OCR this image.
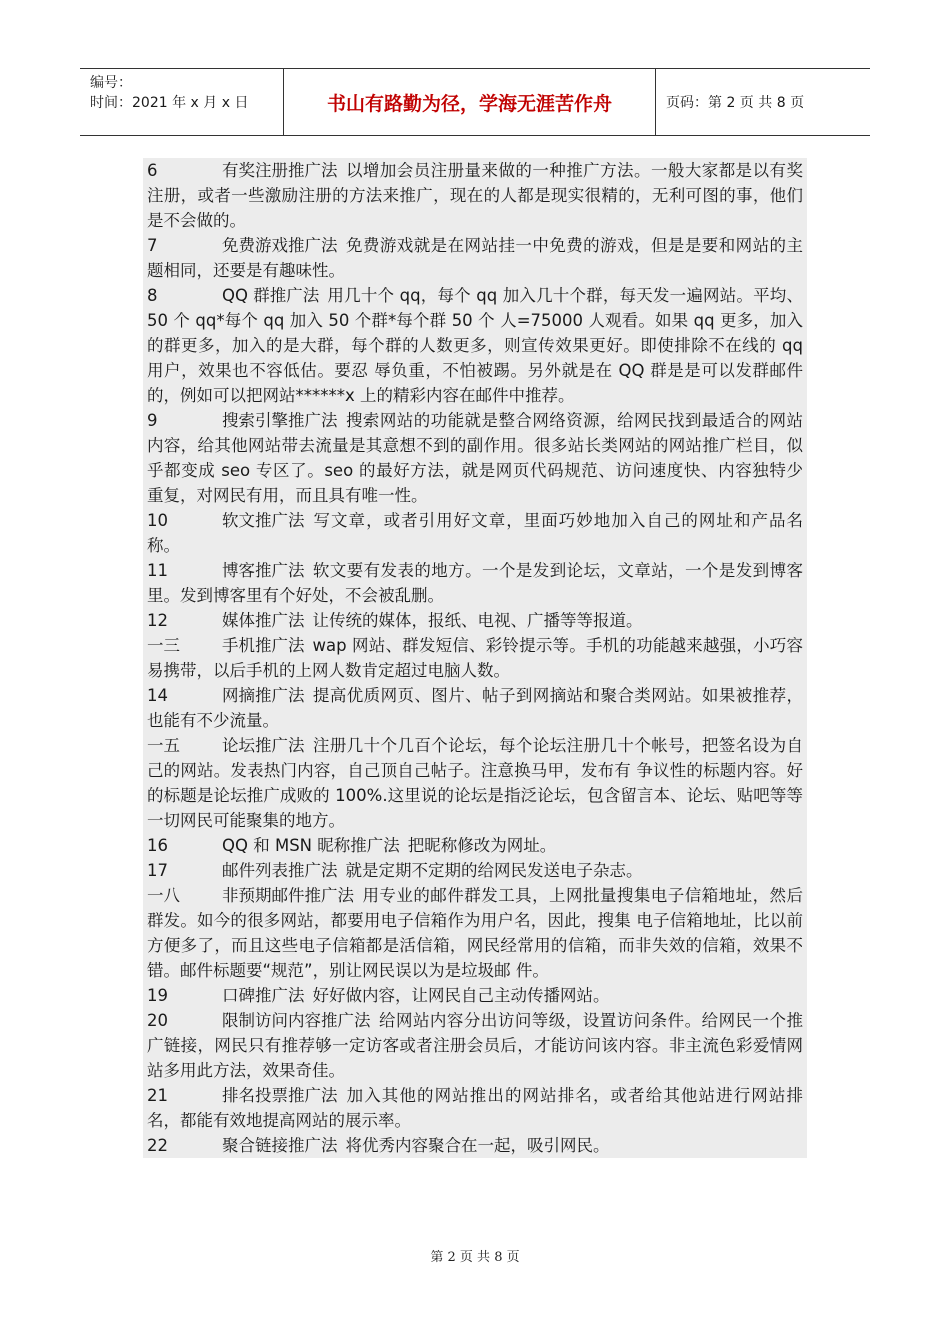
编号：
时间：2021 年 x 月 x 日	书山有路勤为径，学海无涯苦作舟	页码：第 2 页 共 8 页

6	有奖注册推广法 以增加会员注册量来做的一种推广方法。一般大家都是以有奖注册，或者一些激励注册的方法来推广，现在的人都是现实很精的，无利可图的事，他们是不会做的。

7	免费游戏推广法 免费游戏就是在网站挂一中免费的游戏，但是是要和网站的主题相同，还要是有趣味性。

8	QQ 群推广法 用几十个 qq，每个 qq 加入几十个群，每天发一遍网站。平均、50 个 qq*每个 qq 加入 50 个群*每个群 50 个 人=75000 人观看。如果 qq 更多，加入的群更多，加入的是大群，每个群的人数更多，则宣传效果更好。即使排除不在线的 qq 用户，效果也不容低估。要忍 辱负重，不怕被踢。另外就是在 QQ 群是是可以发群邮件的，例如可以把网站******x 上的精彩内容在邮件中推荐。

9	搜索引擎推广法 搜索网站的功能就是整合网络资源，给网民找到最适合的网站内容，给其他网站带去流量是其意想不到的副作用。很多站长类网站的网站推广栏目，似乎都变成 seo 专区了。seo 的最好方法，就是网页代码规范、访问速度快、内容独特少 重复，对网民有用，而且具有唯一性。

10	软文推广法 写文章，或者引用好文章，里面巧妙地加入自己的网址和产品名称。

11	博客推广法 软文要有发表的地方。一个是发到论坛，文章站，一个是发到博客里。发到博客里有个好处，不会被乱删。

12	媒体推广法 让传统的媒体，报纸、电视、广播等等报道。

一三	手机推广法 wap 网站、群发短信、彩铃提示等。手机的功能越来越强，小巧容易携带，以后手机的上网人数肯定超过电脑人数。

14	网摘推广法 提高优质网页、图片、帖子到网摘站和聚合类网站。如果被推荐，也能有不少流量。

一五	论坛推广法 注册几十个几百个论坛，每个论坛注册几十个帐号，把签名设为自己的网站。发表热门内容，自己顶自己帖子。注意换马甲，发布有 争议性的标题内容。好的标题是论坛推广成败的 100%.这里说的论坛是指泛论坛，包含留言本、论坛、贴吧等等一切网民可能聚集的地方。

16	QQ 和 MSN 昵称推广法 把昵称修改为网址。

17	邮件列表推广法 就是定期不定期的给网民发送电子杂志。

一八	非预期邮件推广法 用专业的邮件群发工具，上网批量搜集电子信箱地址，然后群发。如今的很多网站，都要用电子信箱作为用户名，因此，搜集 电子信箱地址，比以前方便多了，而且这些电子信箱都是活信箱，网民经常用的信箱，而非失效的信箱，效果不错。邮件标题要“规范”，别让网民误以为是垃圾邮 件。

19	口碑推广法 好好做内容，让网民自己主动传播网站。

20	限制访问内容推广法 给网站内容分出访问等级，设置访问条件。给网民一个推广链接，网民只有推荐够一定访客或者注册会员后，才能访问该内容。非主流色彩爱情网站多用此方法，效果奇佳。

21	排名投票推广法 加入其他的网站推出的网站排名，或者给其他站进行网站排名，都能有效地提高网站的展示率。

22	聚合链接推广法 将优秀内容聚合在一起，吸引网民。

第 2 页 共 8 页
